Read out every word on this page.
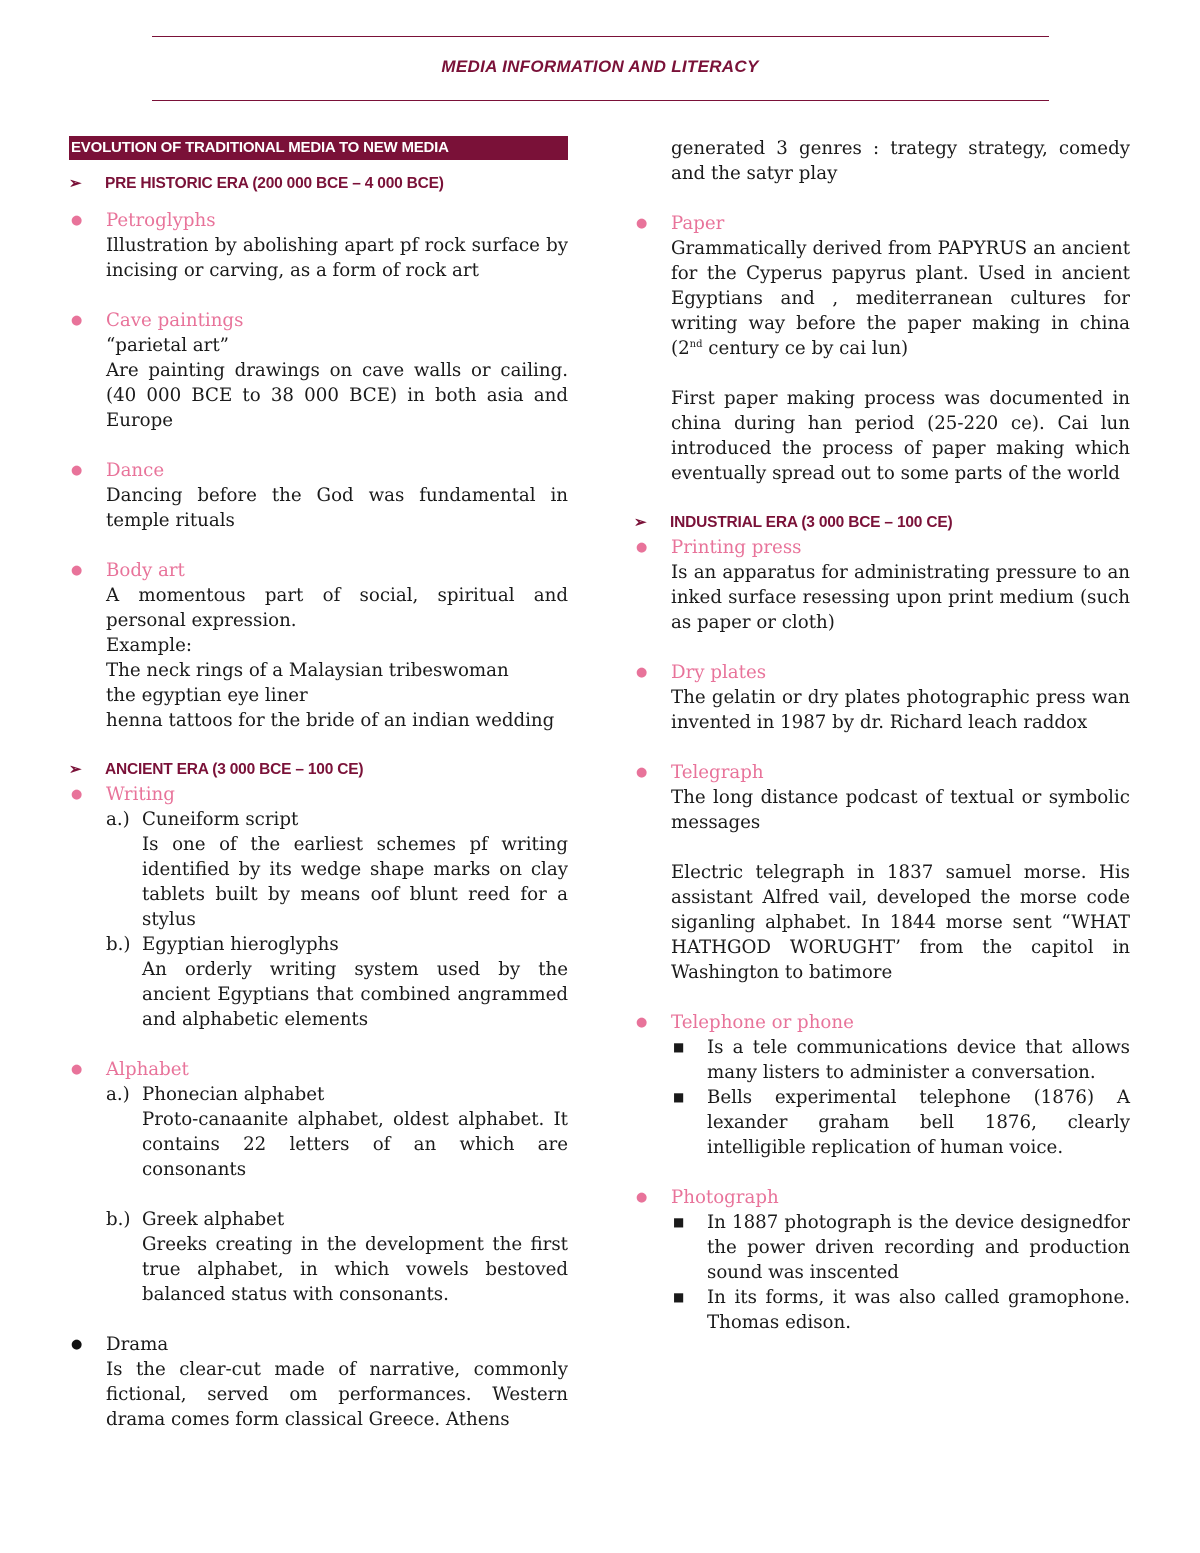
MEDIA INFORMATION AND LITERACY
EVOLUTION OF TRADITIONAL MEDIA TO NEW MEDIA
➢ PRE HISTORIC ERA (200 000 BCE – 4 000 BCE)
● Petroglyphs

Illustration by abolishing apart pf rock surface by incising or carving, as a form of rock art

● Cave paintings

“parietal art”

Are painting drawings on cave walls or cailing.(40 000 BCE to 38 000 BCE) in both asia and Europe

● Dance

Dancing before the God was fundamental in temple rituals

● Body art

A momentous part of social, spiritual and personal expression.

Example:

The neck rings of a Malaysian tribeswoman

the egyptian eye liner

henna tattoos for the bride of an indian wedding

➢ ANCIENT ERA (3 000 BCE – 100 CE)
● Writing
a.) Cuneiform script

Is one of the earliest schemes pf writing identified by its wedge shape marks on clay tablets built by means oof blunt reed for a stylus

b.) Egyptian hieroglyphs

An orderly writing system used by the ancient Egyptians that combined angrammed and alphabetic elements

● Alphabet
a.) Phonecian alphabet

Proto-canaanite alphabet, oldest alphabet. It contains 22 letters of an which are consonants

b.) Greek alphabet

Greeks creating in the development the first true alphabet, in which vowels bestoved balanced status with consonants.

● Drama

Is the clear-cut made of narrative, commonly fictional, served om performances. Western drama comes form classical Greece. Athens

generated 3 genres : trategy strategy, comedy and the satyr play

● Paper

Grammatically derived from PAPYRUS an ancient for the Cyperus papyrus plant. Used in ancient Egyptians and , mediterranean cultures for writing way before the paper making in china (2nd century ce by cai lun)

First paper making process was documented in china during han period (25-220 ce). Cai lun introduced the process of paper making which eventually spread out to some parts of the world

➢ INDUSTRIAL ERA (3 000 BCE – 100 CE)
● Printing press

Is an apparatus for administrating pressure to an inked surface resessing upon print medium (such as paper or cloth)

● Dry plates

The gelatin or dry plates photographic press wan invented in 1987 by dr. Richard leach raddox

● Telegraph

The long distance podcast of textual or symbolic messages

Electric telegraph in 1837 samuel morse. His assistant Alfred vail, developed the morse code siganling alphabet. In 1844 morse sent “WHAT HATHGOD WORUGHT’ from the capitol in Washington to batimore

● Telephone or phone
■ Is a tele communications device that allows many listers to administer a conversation.

■ Bells experimental telephone (1876) A lexander graham bell 1876, clearly intelligible replication of human voice.

● Photograph
■ In 1887 photograph is the device designedfor the power driven recording and production sound was inscented

■ In its forms, it was also called gramophone. Thomas edison.
